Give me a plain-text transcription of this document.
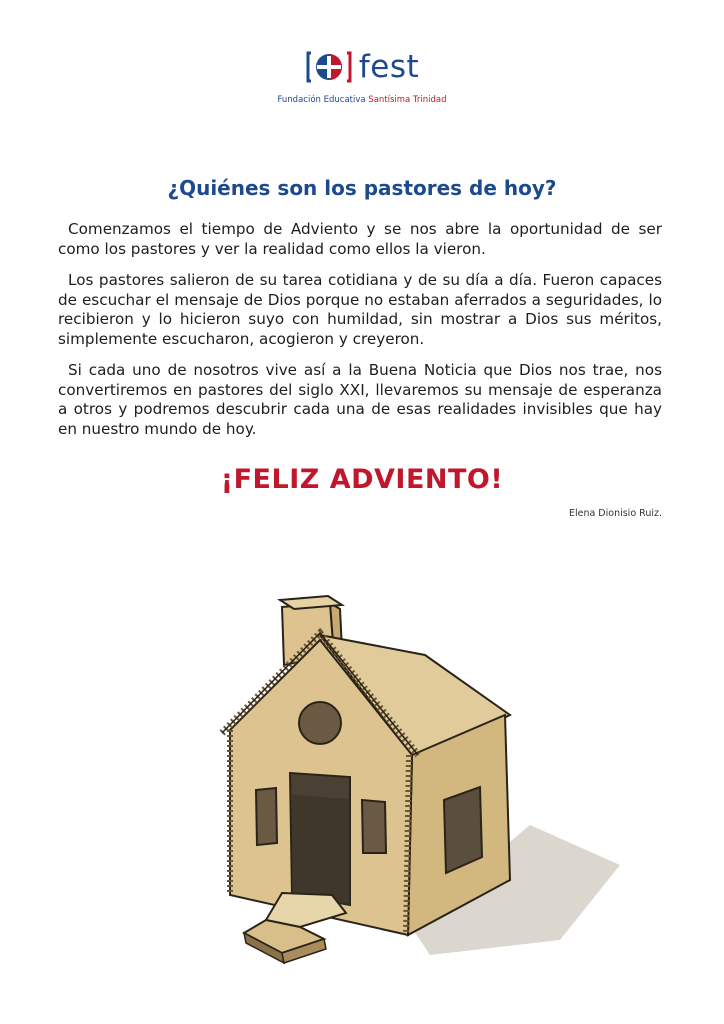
fest
Fundación Educativa Santísima Trinidad
¿Quiénes son los pastores de hoy?

Comenzamos el tiempo de Adviento y se nos abre la oportunidad de ser como los pastores y ver la realidad como ellos la vieron.

Los pastores salieron de su tarea cotidiana y de su día a día. Fueron capaces de escuchar el mensaje de Dios porque no estaban aferrados a seguridades, lo recibieron y lo hicieron suyo con humildad, sin mostrar a Dios sus méritos, simplemente escucharon, acogieron y creyeron.

Si cada uno de nosotros vive así a la Buena Noticia que Dios nos trae, nos convertiremos en pastores del siglo XXI, llevaremos su mensaje de esperanza a otros y podremos descubrir cada una de esas realidades invisibles que hay en nuestro mundo de hoy.

¡FELIZ ADVIENTO!
Elena Dionisio Ruiz.
